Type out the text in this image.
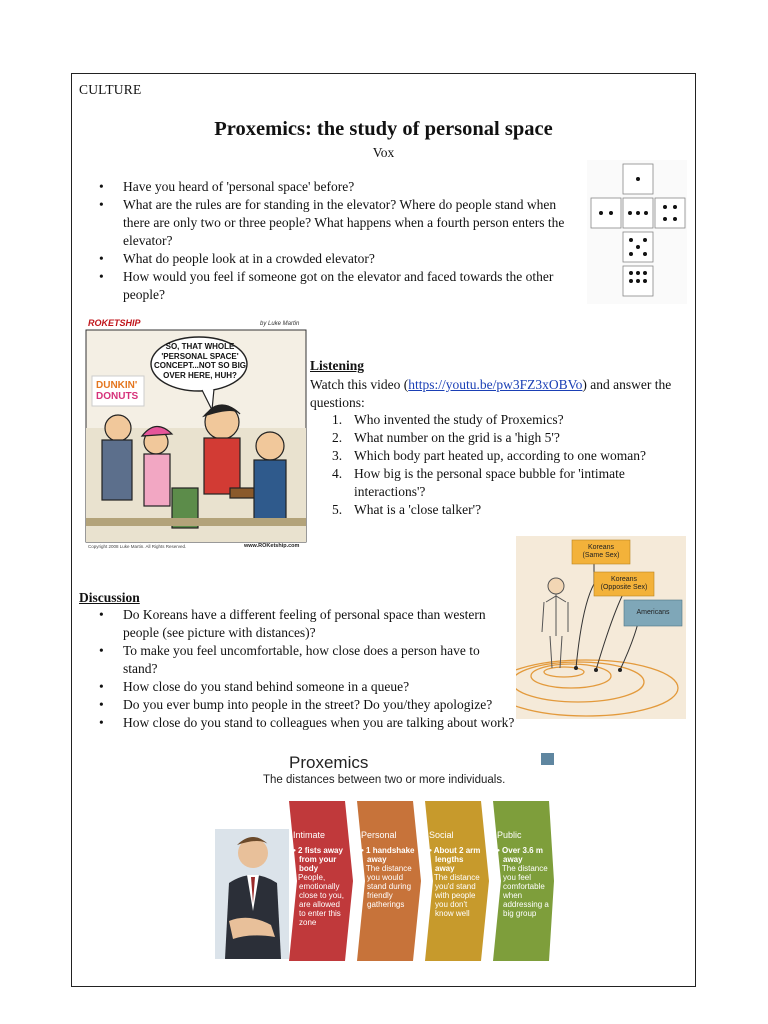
CULTURE
Proxemics: the study of personal space
Vox
• Have you heard of 'personal space' before?
• What are the rules are for standing in the elevator? Where do people stand when there are only two or three people? What happens when a fourth person enters the elevator?
• What do people look at in a crowded elevator?
• How would you feel if someone got on the elevator and faced towards the other people?
ROKETSHIP	by Luke Martin
SO, THAT WHOLE
'PERSONAL SPACE'
CONCEPT...NOT SO BIG
OVER HERE, HUH?
DUNKIN'
DONUTS
Copyright 2008 Luke Martin. All Rights Reserved.	www.ROKetship.com
Listening
Watch this video (https://youtu.be/pw3FZ3xOBVo) and answer the questions:
1. Who invented the study of Proxemics?
2. What number on the grid is a 'high 5'?
3. Which body part heated up, according to one woman?
4. How big is the personal space bubble for 'intimate interactions'?
5. What is a 'close talker'?
Koreans
(Same Sex)
Koreans
(Opposite Sex)
Americans
Discussion
• Do Koreans have a different feeling of personal space than western people (see picture with distances)?
• To make you feel uncomfortable, how close does a person have to stand?
• How close do you stand behind someone in a queue?
• Do you ever bump into people in the street? Do you/they apologize?
• How close do you stand to colleagues when you are talking about work?
Proxemics
The distances between two or more individuals.
Intimate
• 2 fists away
from your
body
• People,
emotionally
close to you,
are allowed
to enter this
zone
Personal
• 1 handshake
away
• The distance
you would
stand during
friendly
gatherings
Social
• About 2 arm
lengths
away
• The distance
you'd stand
with people
you don't
know well
Public
• Over 3.6 m
away
• The distance
you feel
comfortable
when
addressing a
big group
